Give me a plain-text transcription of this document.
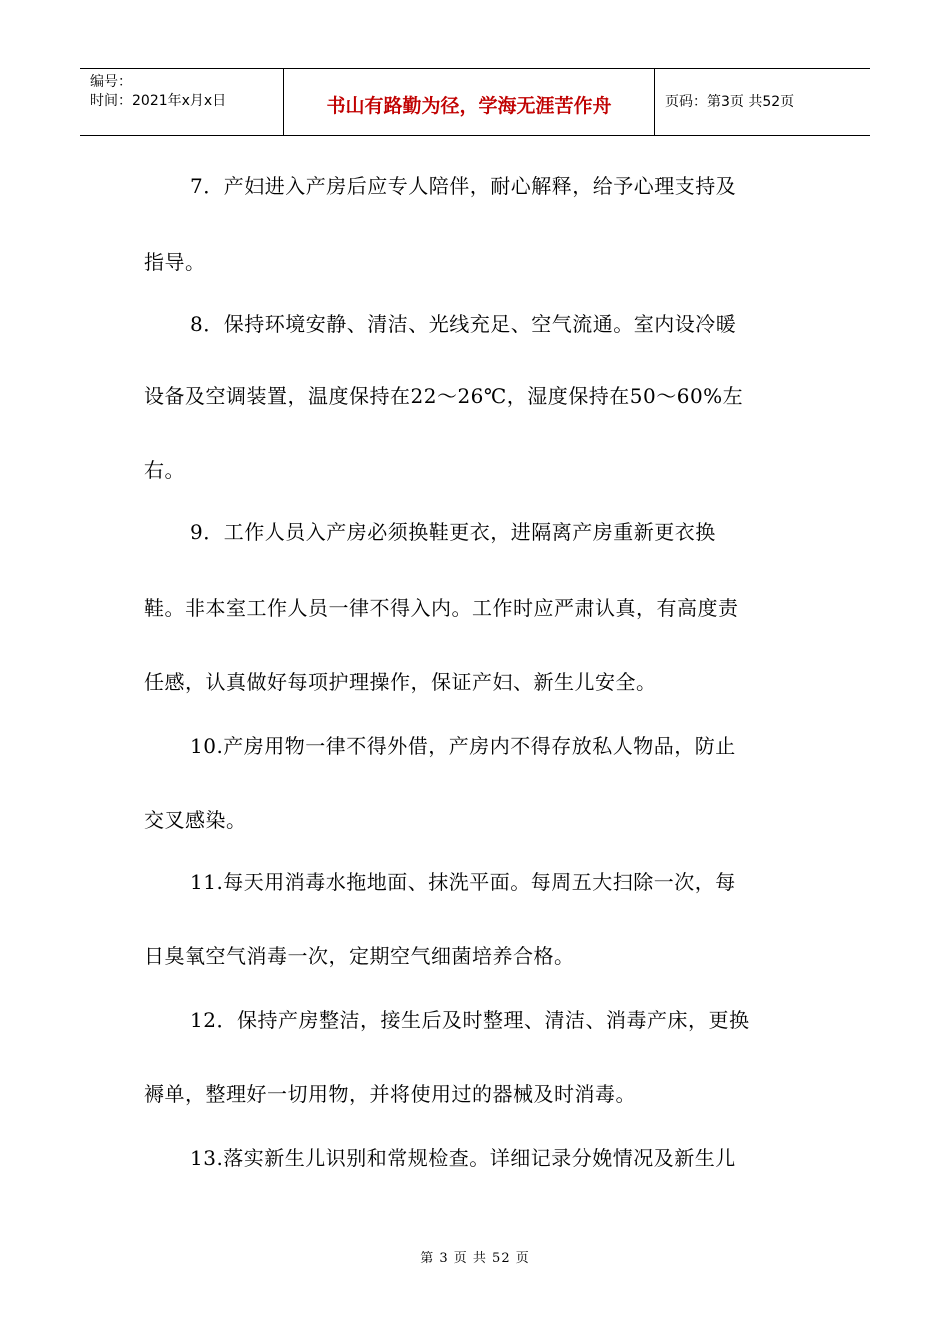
编号：
时间：2021年x月x日	书山有路勤为径，学海无涯苦作舟	页码：第3页 共52页
7．产妇进入产房后应专人陪伴，耐心解释，给予心理支持及
指导。
8．保持环境安静、清洁、光线充足、空气流通。室内设冷暖
设备及空调装置，温度保持在22～26℃，湿度保持在50～60%左
右。
9．工作人员入产房必须换鞋更衣，进隔离产房重新更衣换
鞋。非本室工作人员一律不得入内。工作时应严肃认真，有高度责
任感，认真做好每项护理操作，保证产妇、新生儿安全。
10.产房用物一律不得外借，产房内不得存放私人物品，防止
交叉感染。
11.每天用消毒水拖地面、抹洗平面。每周五大扫除一次，每
日臭氧空气消毒一次，定期空气细菌培养合格。
12．保持产房整洁，接生后及时整理、清洁、消毒产床，更换
褥单，整理好一切用物，并将使用过的器械及时消毒。
13.落实新生儿识别和常规检查。详细记录分娩情况及新生儿
第 3 页 共 52 页
